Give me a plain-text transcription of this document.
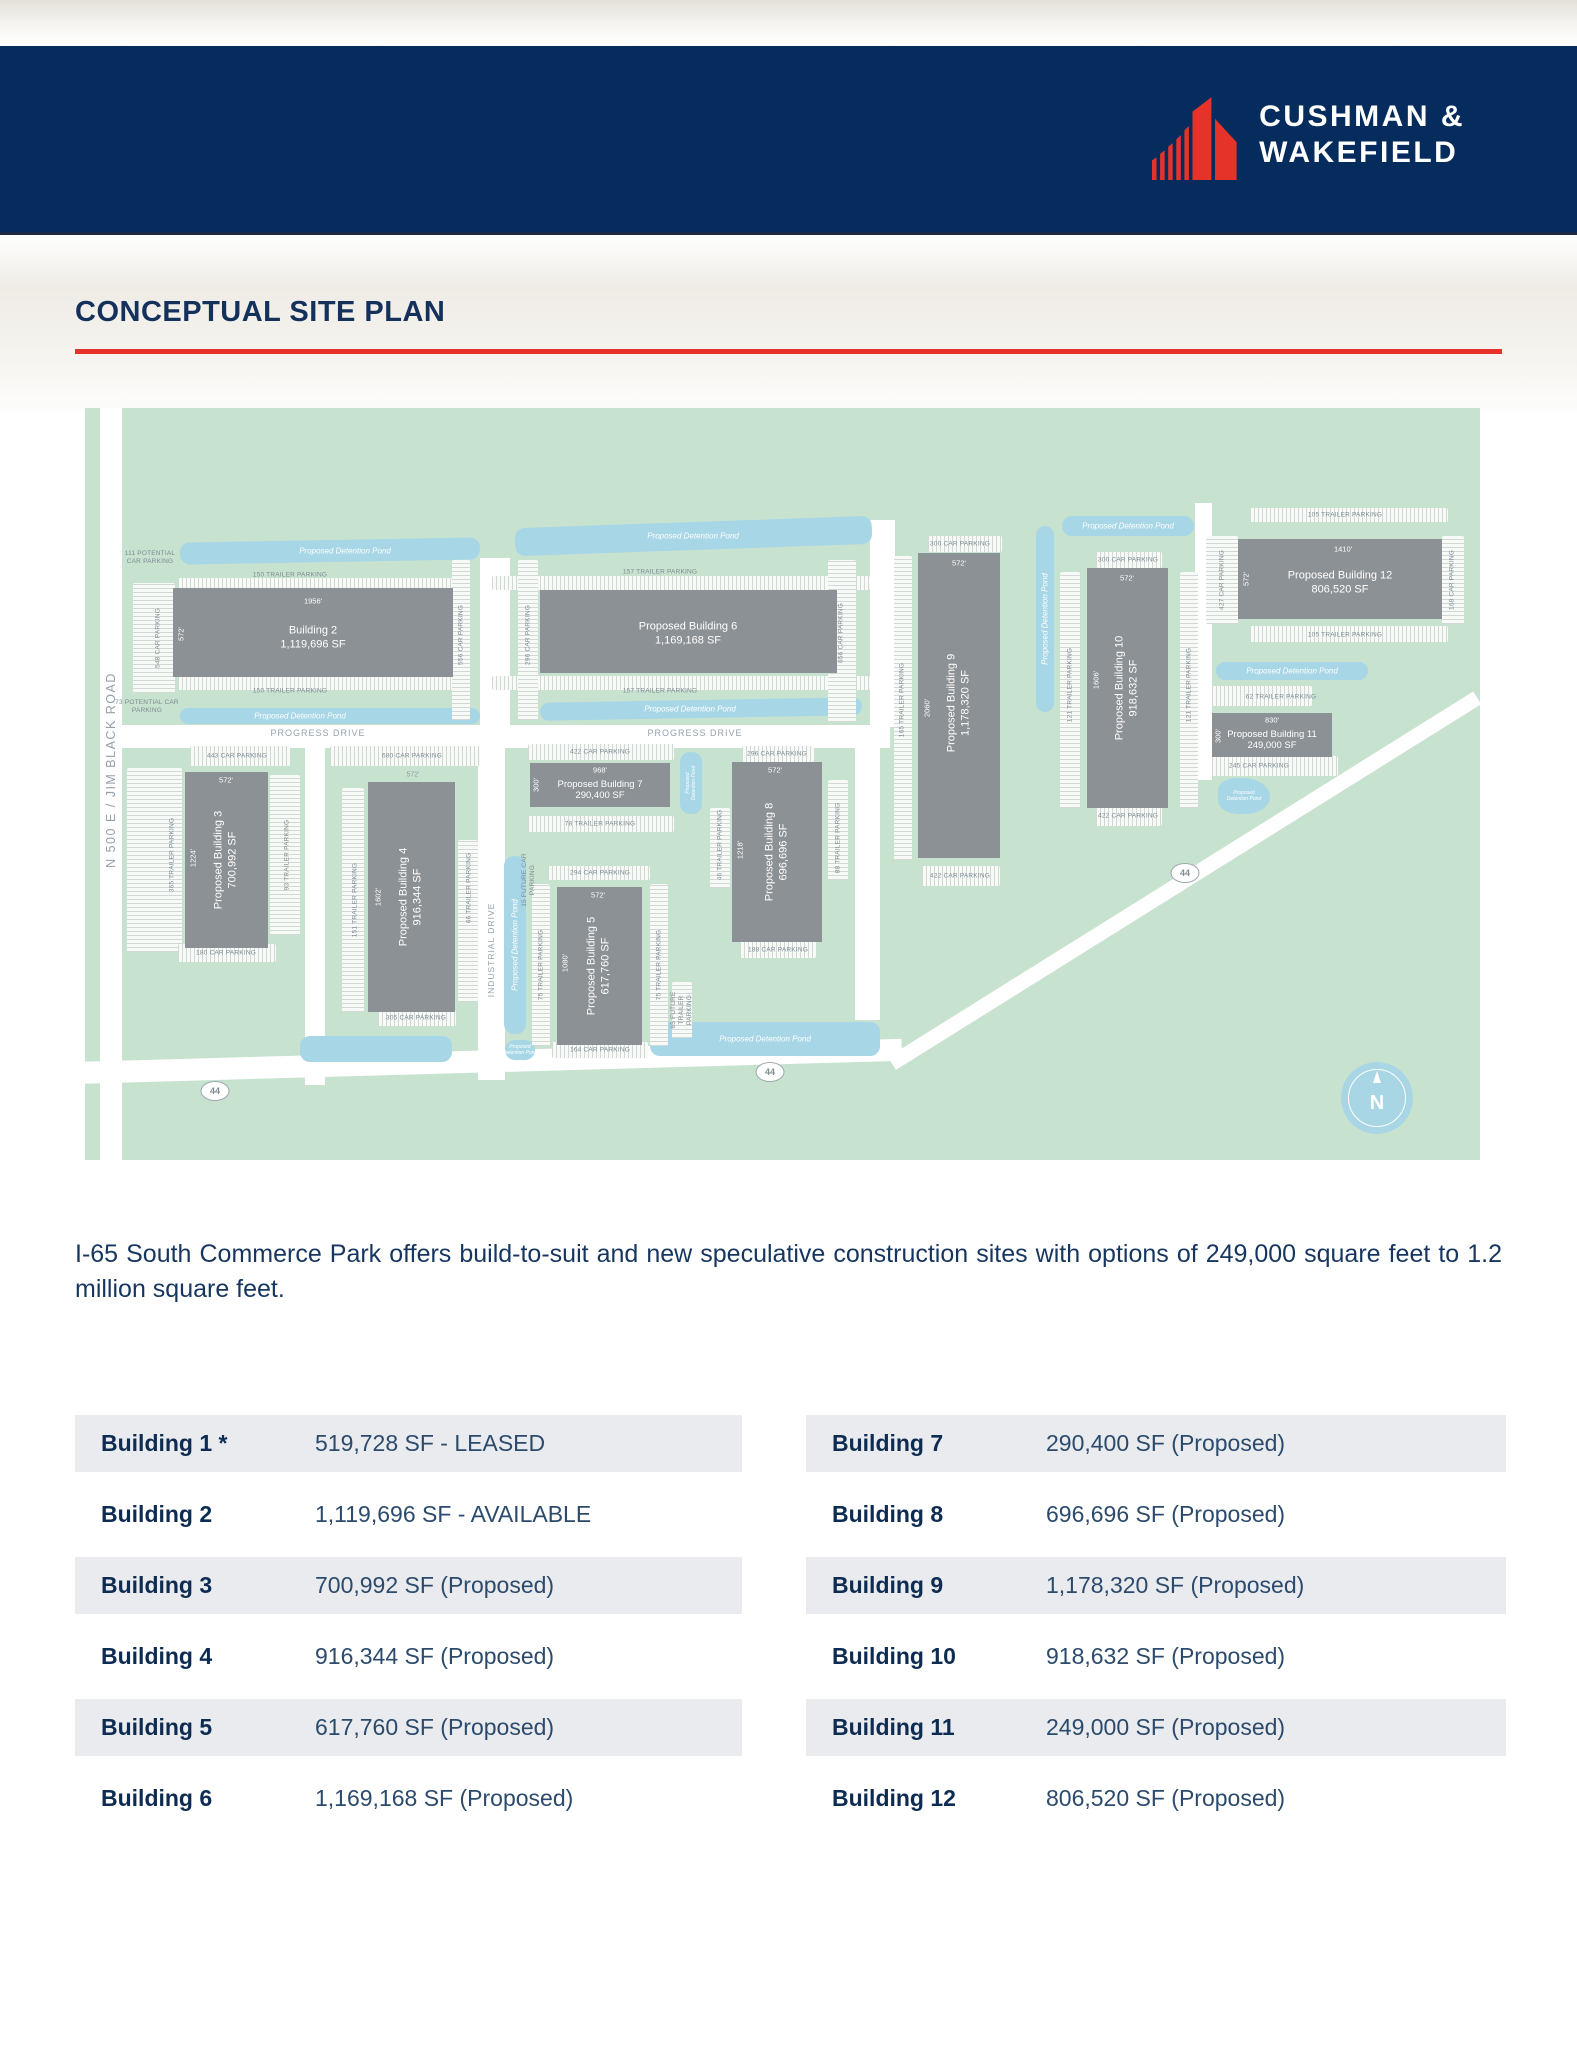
CUSHMAN &
WAKEFIELD
CONCEPTUAL SITE PLAN
1956'
572'	Building 2
1,119,696 SF
Proposed Building 6
1,169,168 SF
572'
2060' Proposed Building 9 1,178,320 SF
572'
1606' Proposed Building 10 918,632 SF
1410'
572'	Proposed Building 12
806,520 SF
572'
1224' Proposed Building 3 700,992 SF
1602' Proposed Building 4 916,344 SF	572'
1080' Proposed Building 5 617,760 SF
968'
300' Proposed Building 7
290,400 SF
572'
1218' Proposed Building 8 696,696 SF
830'
300' Proposed Building 11
249,000 SF
Proposed Detention Pond
Proposed Detention Pond
Proposed Detention Pond
Proposed Detention Pond
Proposed Detention Pond
Proposed Detention Pond
Proposed Detention Pond
Proposed Detention Pond
Proposed Detention Pond
Proposed Detention Pond
Proposed Detention Pond
Proposed Detention Pond
N 500 E / JIM BLACK ROAD	PROGRESS DRIVE	PROGRESS DRIVE
INDUSTRIAL DRIVE
44
44
44
111 POTENTIAL CAR PARKING
150 TRAILER PARKING
150 TRAILER PARKING
548 CAR PARKING	556 CAR PARKING	296 CAR PARKING
157 TRAILER PARKING
157 TRAILER PARKING
656 CAR PARKING
300 CAR PARKING
165 TRAILER PARKING
300 CAR PARKING
121 TRAILER PARKING	121 TRAILER PARKING
105 TRAILER PARKING
105 TRAILER PARKING
427 CAR PARKING	168 CAR PARKING
73 POTENTIAL CAR PARKING
443 CAR PARKING	680 CAR PARKING
422 CAR PARKING	296 CAR PARKING
365 TRAILER PARKING	93 TRAILER PARKING
180 CAR PARKING
151 TRAILER PARKING	66 TRAILER PARKING
305 CAR PARKING
15 FUTURE CAR PARKING	294 CAR PARKING
75 TRAILER PARKING	75 TRAILER PARKING
164 CAR PARKING
65 FUTURE TRAILER PARKING
46 TRAILER PARKING	88 TRAILER PARKING
78 TRAILER PARKING
422 CAR PARKING
422 CAR PARKING
62 TRAILER PARKING
245 CAR PARKING
188 CAR PARKING
572'
N
I-65 South Commerce Park offers build-to-suit and new speculative construction sites with options of 249,000 square feet to 1.2 million square feet.
Building 1 *	519,728 SF - LEASED
Building 2	1,119,696 SF - AVAILABLE
Building 3	700,992 SF (Proposed)
Building 4	916,344 SF (Proposed)
Building 5	617,760 SF (Proposed)
Building 6	1,169,168 SF (Proposed)
Building 7	290,400 SF (Proposed)
Building 8	696,696 SF (Proposed)
Building 9	1,178,320 SF (Proposed)
Building 10	918,632 SF (Proposed)
Building 11	249,000 SF (Proposed)
Building 12	806,520 SF (Proposed)
